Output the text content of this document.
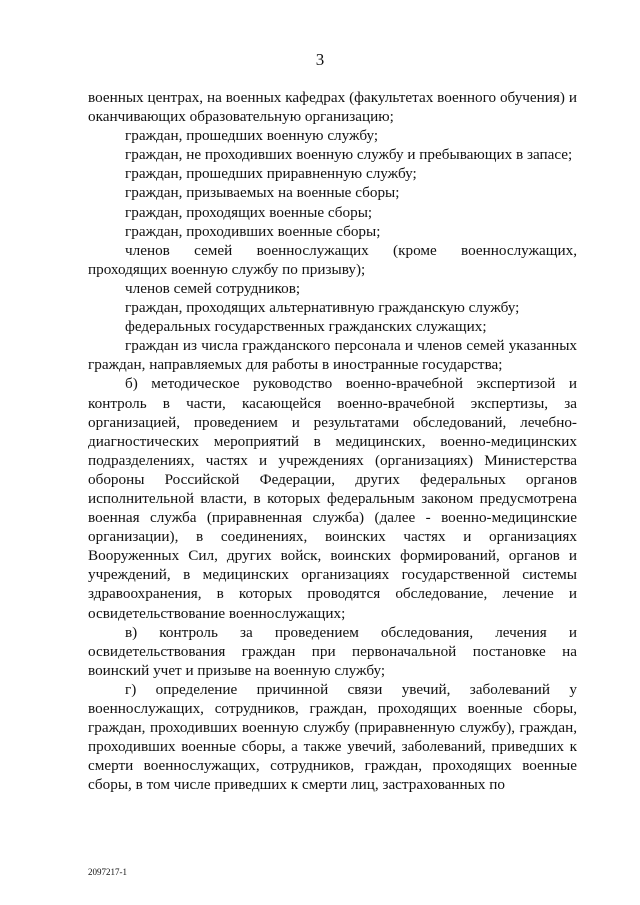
3

военных центрах, на военных кафедрах (факультетах военного обучения) и оканчивающих образовательную организацию;

граждан, прошедших военную службу;

граждан, не проходивших военную службу и пребывающих в запасе;

граждан, прошедших приравненную службу;

граждан, призываемых на военные сборы;

граждан, проходящих военные сборы;

граждан, проходивших военные сборы;

членов семей военнослужащих (кроме военнослужащих, проходящих военную службу по призыву);

членов семей сотрудников;

граждан, проходящих альтернативную гражданскую службу;

федеральных государственных гражданских служащих;

граждан из числа гражданского персонала и членов семей указанных граждан, направляемых для работы в иностранные государства;

б) методическое руководство военно-врачебной экспертизой и контроль в части, касающейся военно-врачебной экспертизы, за организацией, проведением и результатами обследований, лечебно-диагностических мероприятий в медицинских, военно-медицинских подразделениях, частях и учреждениях (организациях) Министерства обороны Российской Федерации, других федеральных органов исполнительной власти, в которых федеральным законом предусмотрена военная служба (приравненная служба) (далее - военно-медицинские организации), в соединениях, воинских частях и организациях Вооруженных Сил, других войск, воинских формирований, органов и учреждений, в медицинских организациях государственной системы здравоохранения, в которых проводятся обследование, лечение и освидетельствование военнослужащих;

в) контроль за проведением обследования, лечения и освидетельствования граждан при первоначальной постановке на воинский учет и призыве на военную службу;

г) определение причинной связи увечий, заболеваний у военнослужащих, сотрудников, граждан, проходящих военные сборы, граждан, проходивших военную службу (приравненную службу), граждан, проходивших военные сборы, а также увечий, заболеваний, приведших к смерти военнослужащих, сотрудников, граждан, проходящих военные сборы, в том числе приведших к смерти лиц, застрахованных по

2097217-1
